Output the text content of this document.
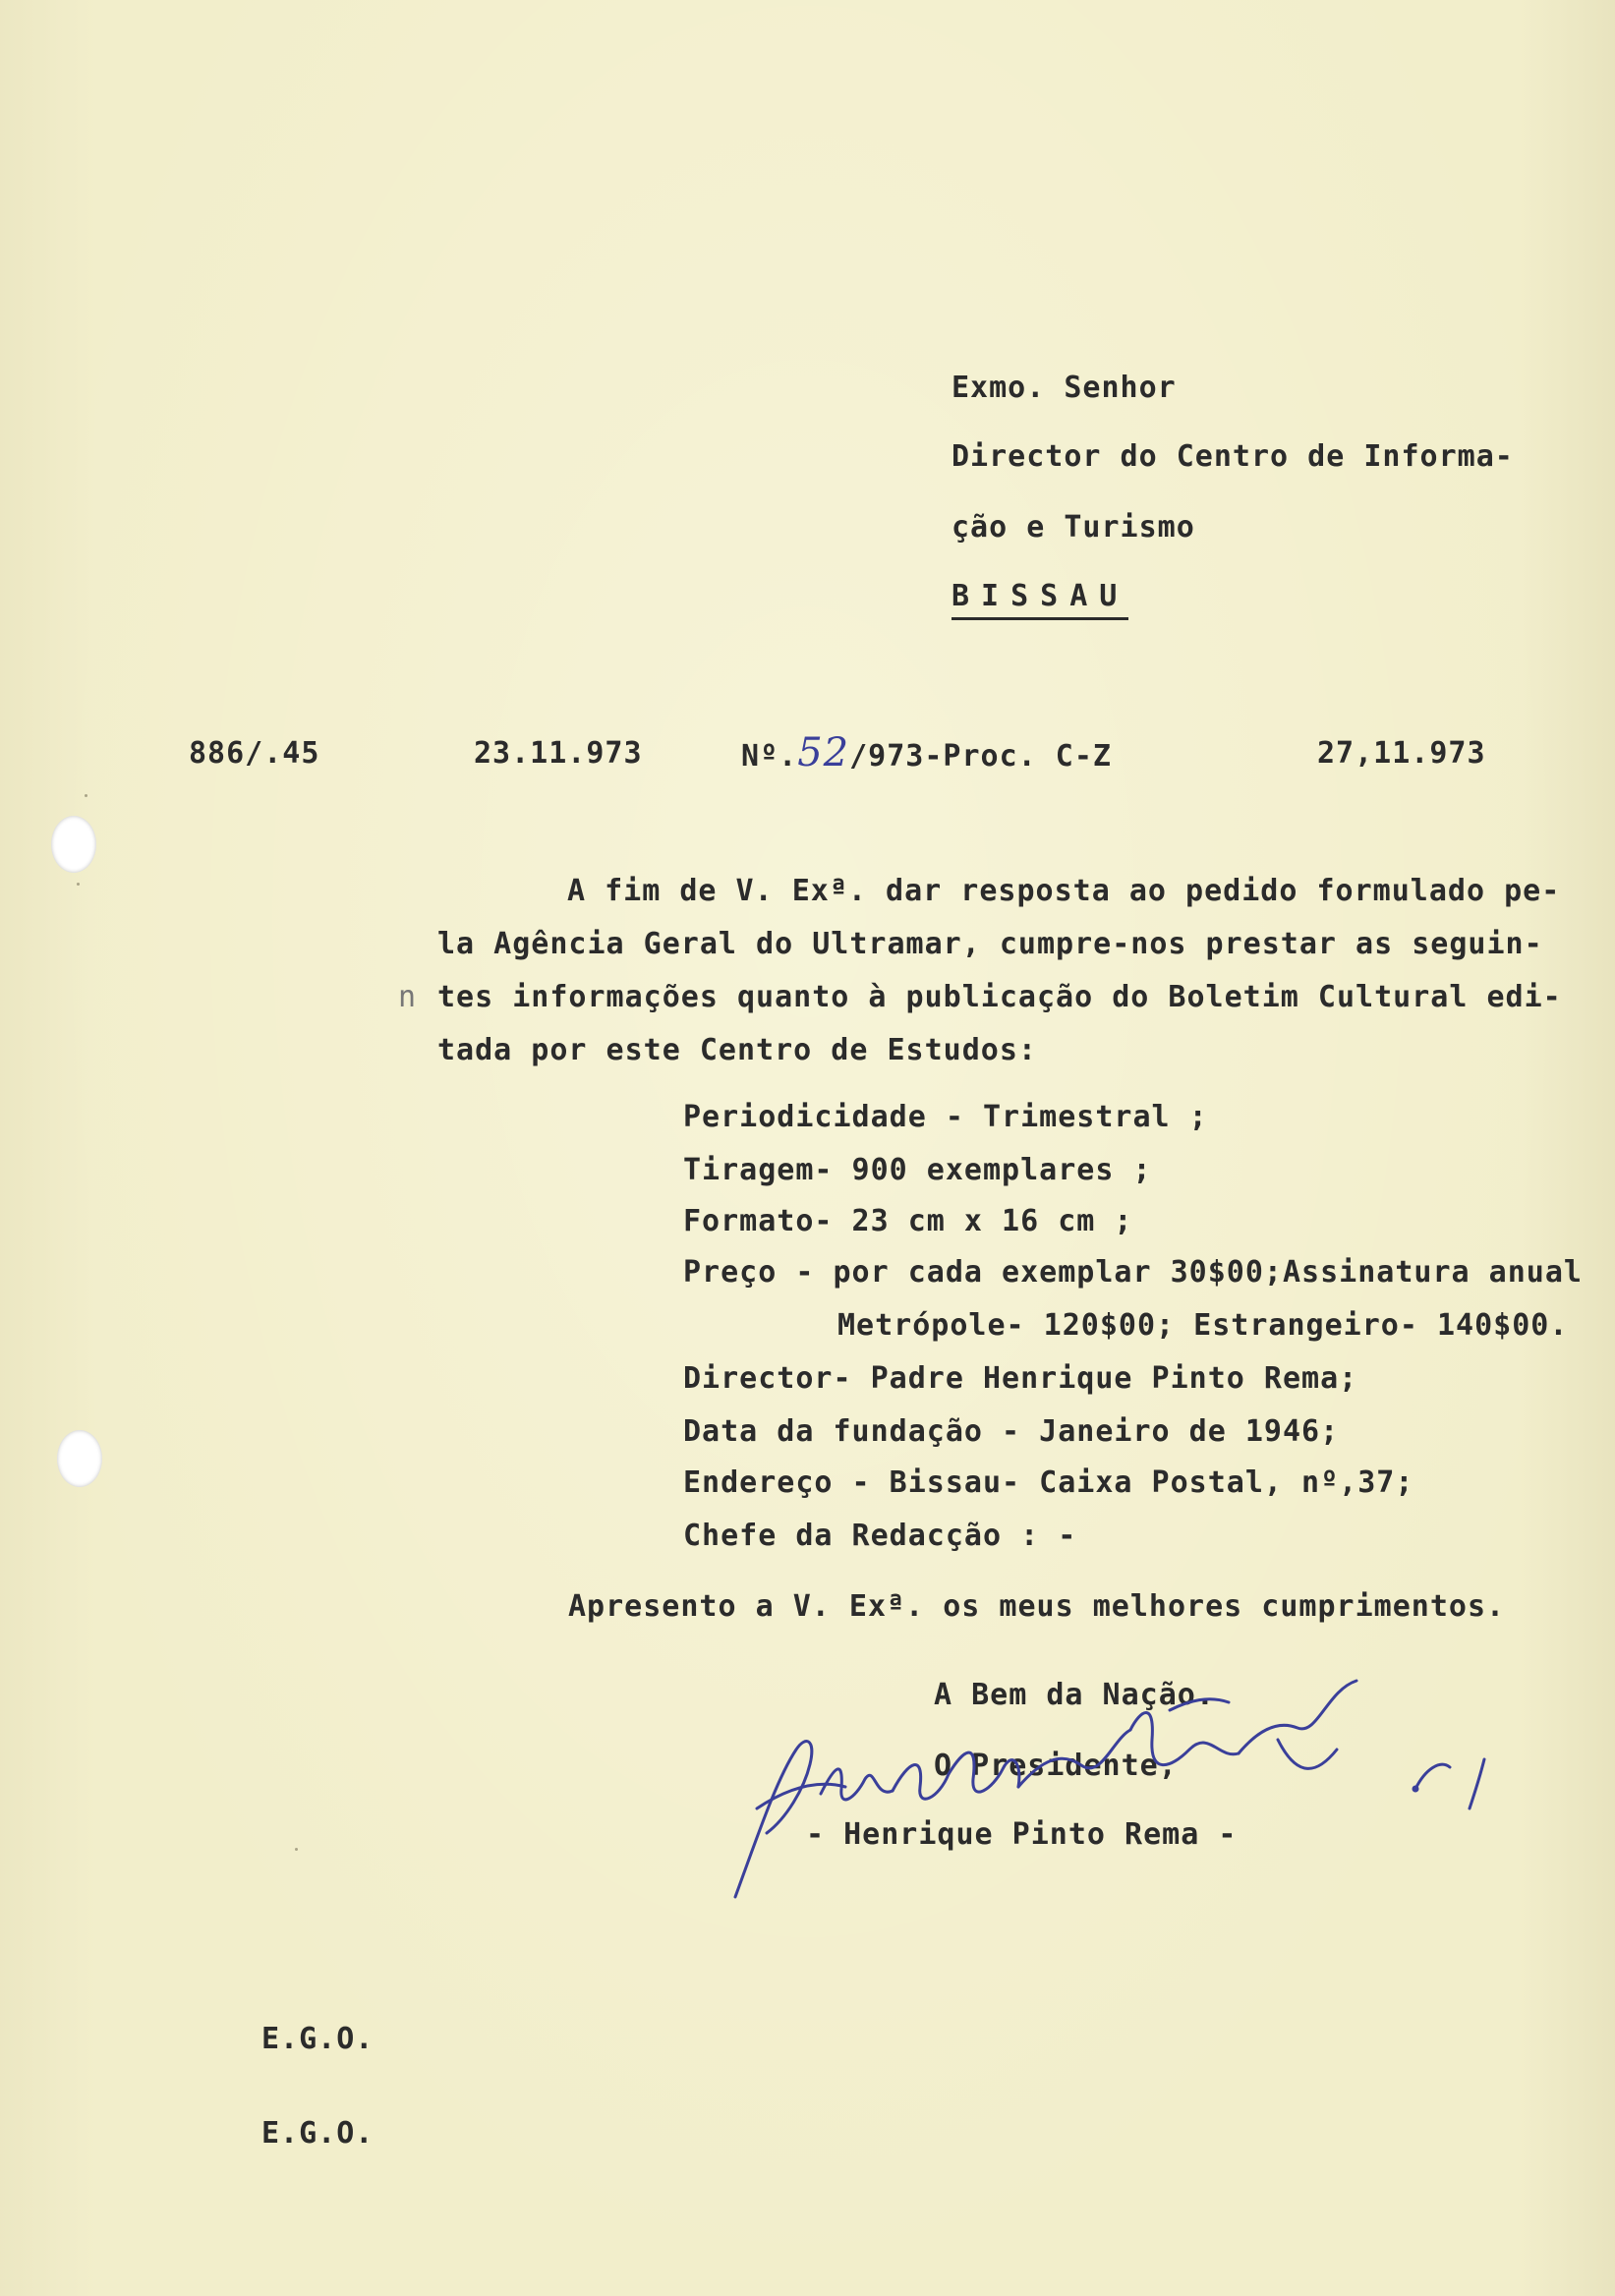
Exmo. Senhor
Director do Centro de Informa-
ção e Turismo
BISSAU
886/.45	23.11.973	Nº.52/973-Proc. C-Z	27,11.973
A fim de V. Exª. dar resposta ao pedido formulado pe-
la Agência Geral do Ultramar, cumpre-nos prestar as seguin-
n tes informações quanto à publicação do Boletim Cultural edi-
tada por este Centro de Estudos:
Periodicidade - Trimestral ;
Tiragem- 900 exemplares ;
Formato- 23 cm x 16 cm ;
Preço - por cada exemplar 30$00;Assinatura anual
Metrópole- 120$00; Estrangeiro- 140$00.
Director- Padre Henrique Pinto Rema;
Data da fundação - Janeiro de 1946;
Endereço - Bissau- Caixa Postal, nº,37;
Chefe da Redacção : -
Apresento a V. Exª. os meus melhores cumprimentos.
A Bem da Nação.
O Presidente,
- Henrique Pinto Rema -
E.G.O.
E.G.O.
